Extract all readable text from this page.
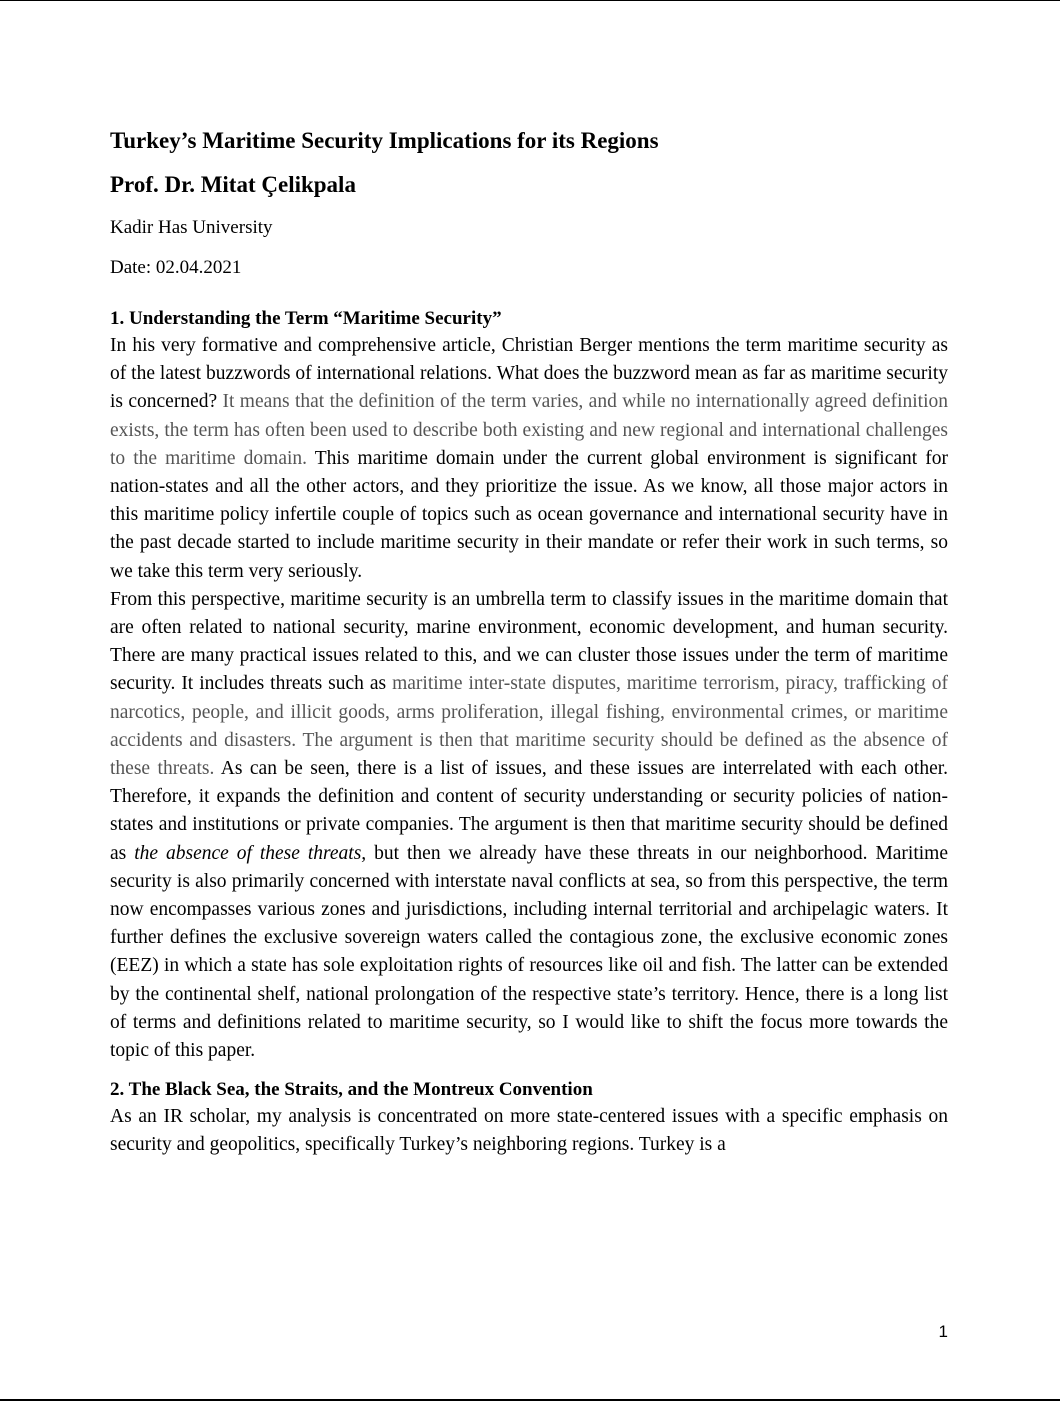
Turkey’s Maritime Security Implications for its Regions
Prof. Dr. Mitat Çelikpala
Kadir Has University
Date: 02.04.2021
1. Understanding the Term “Maritime Security”

In his very formative and comprehensive article, Christian Berger mentions the term maritime security as of the latest buzzwords of international relations. What does the buzzword mean as far as maritime security is concerned? It means that the definition of the term varies, and while no internationally agreed definition exists, the term has often been used to describe both existing and new regional and international challenges to the maritime domain. This maritime domain under the current global environment is significant for nation-states and all the other actors, and they prioritize the issue. As we know, all those major actors in this maritime policy infertile couple of topics such as ocean governance and international security have in the past decade started to include maritime security in their mandate or refer their work in such terms, so we take this term very seriously.

From this perspective, maritime security is an umbrella term to classify issues in the maritime domain that are often related to national security, marine environment, economic development, and human security. There are many practical issues related to this, and we can cluster those issues under the term of maritime security. It includes threats such as maritime inter-state disputes, maritime terrorism, piracy, trafficking of narcotics, people, and illicit goods, arms proliferation, illegal fishing, environmental crimes, or maritime accidents and disasters. The argument is then that maritime security should be defined as the absence of these threats. As can be seen, there is a list of issues, and these issues are interrelated with each other. Therefore, it expands the definition and content of security understanding or security policies of nation-states and institutions or private companies. The argument is then that maritime security should be defined as the absence of these threats, but then we already have these threats in our neighborhood. Maritime security is also primarily concerned with interstate naval conflicts at sea, so from this perspective, the term now encompasses various zones and jurisdictions, including internal territorial and archipelagic waters. It further defines the exclusive sovereign waters called the contagious zone, the exclusive economic zones (EEZ) in which a state has sole exploitation rights of resources like oil and fish. The latter can be extended by the continental shelf, national prolongation of the respective state’s territory. Hence, there is a long list of terms and definitions related to maritime security, so I would like to shift the focus more towards the topic of this paper.

2. The Black Sea, the Straits, and the Montreux Convention

As an IR scholar, my analysis is concentrated on more state-centered issues with a specific emphasis on security and geopolitics, specifically Turkey’s neighboring regions. Turkey is a

1
